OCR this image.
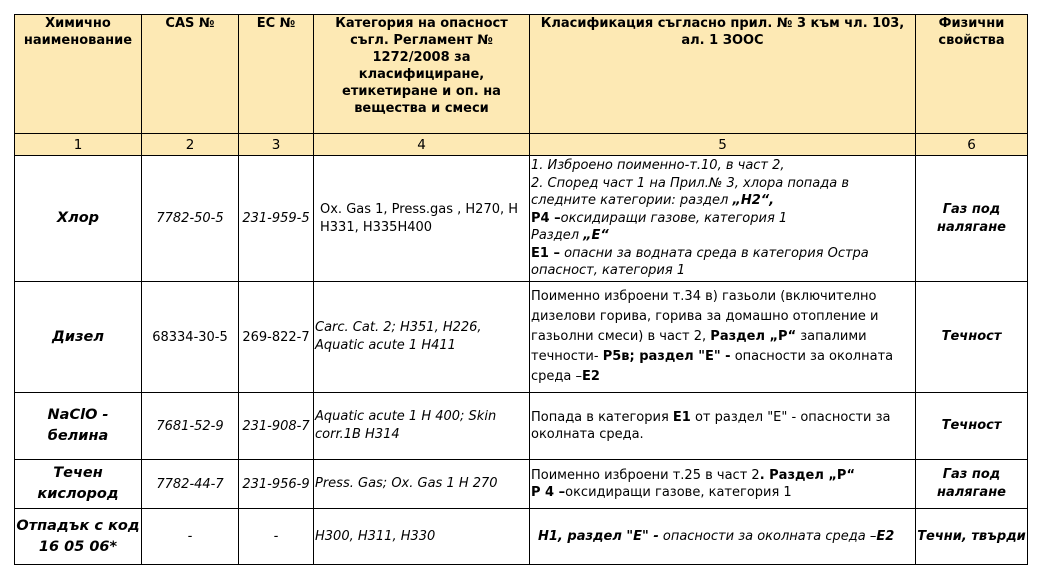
Химично наименование	CAS №	EC №	Категория на опасност съгл. Регламент № 1272/2008 за класифициране, етикетиране и оп. на вещества и смеси	Класификация съгласно прил. № 3 към чл. 103, ал. 1 ЗООС	Физични свойства
1	2	3	4	5	6
Хлор	7782-50-5	231-959-5	Ox. Gas 1, Press.gas , H270, H H331, H335H400	1. Изброено поименно-т.10, в част 2,
2. Според част 1 на Прил.№ 3, хлора попада в следните категории: раздел „H2“,
P4 –оксидиращи газове, категория 1
Раздел „Е“
Е1 – опасни за водната среда в категория Остра опасност, категория 1	Газ под налягане
Дизел	68334-30-5	269-822-7	Carc. Cat. 2; H351, H226, Aquatic acute 1 H411	Поименно изброени т.34 в) газьоли (включително дизелови горива, горива за домашно отопление и газьолни смеси) в част 2, Раздел „Р“ запалими течности- P5в; раздел "Е" - опасности за околната среда –Е2	Течност
NaClO - белина	7681-52-9	231-908-7	Aquatic acute 1 H 400; Skin corr.1B H314	Попада в категория Е1 от раздел "Е" - опасности за околната среда.	Течност
Течен кислород	7782-44-7	231-956-9	Press. Gas; Ox. Gas 1 H 270	Поименно изброени т.25 в част 2. Раздел „Р“
P 4 –оксидиращи газове, категория 1	Газ под налягане
Отпадък с код 16 05 06*	-	-	H300, H311, H330	Н1, раздел "Е" - опасности за околната среда –Е2	Течни, твърди
